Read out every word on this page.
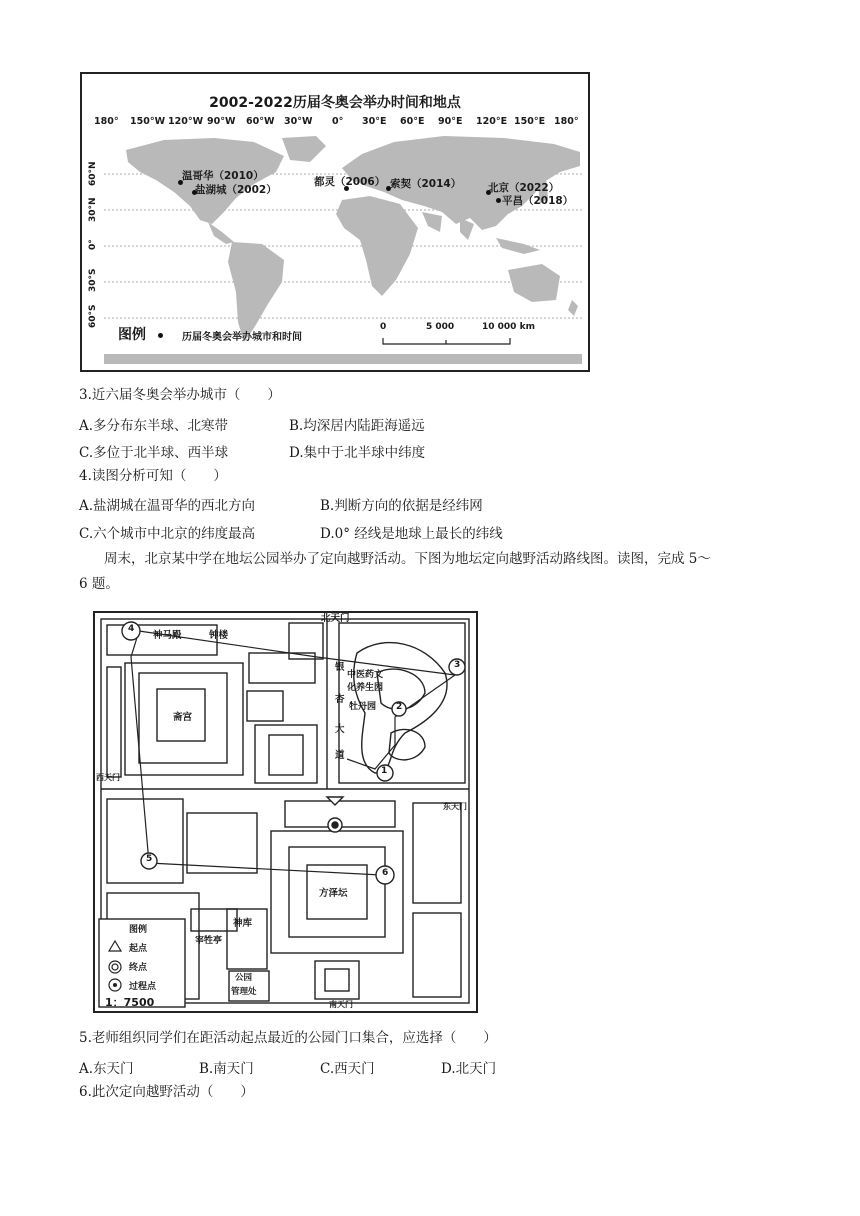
2002-2022历届冬奥会举办时间和地点
180° 150°W 120°W 90°W 60°W 30°W 0° 30°E 60°E 90°E 120°E 150°E 180°
60°N
30°N
0°
30°S
60°S
温哥华（2010）
盐湖城（2002）
都灵（2006） 索契（2014）	北京（2022）
平昌（2018）
图例	历届冬奥会举办城市和时间
0	5 000	10 000 km
3.近六届冬奥会举办城市（　　）
A.多分布东半球、北寒带	B.均深居内陆距海遥远
C.多位于北半球、西半球	D.集中于北半球中纬度
4.读图分析可知（　　）
A.盐湖城在温哥华的西北方向	B.判断方向的依据是经纬网
C.六个城市中北京的纬度最高	D.0° 经线是地球上最长的纬线
周末，北京某中学在地坛公园举办了定向越野活动。下图为地坛定向越野活动路线图。读图，完成 5～
6 题。
北天门
东天门
西天门
南天门
神马殿	钟楼
斋宫
银
杏
大
道
中医药文
化养生园
牡丹园
方泽坛
神库
宰牲亭
公园
管理处
1
2
3
4
5
6
图例
起点
终点
过程点
1：7500
5.老师组织同学们在距活动起点最近的公园门口集合，应选择（　　）
A.东天门	B.南天门	C.西天门	D.北天门
6.此次定向越野活动（　　）
